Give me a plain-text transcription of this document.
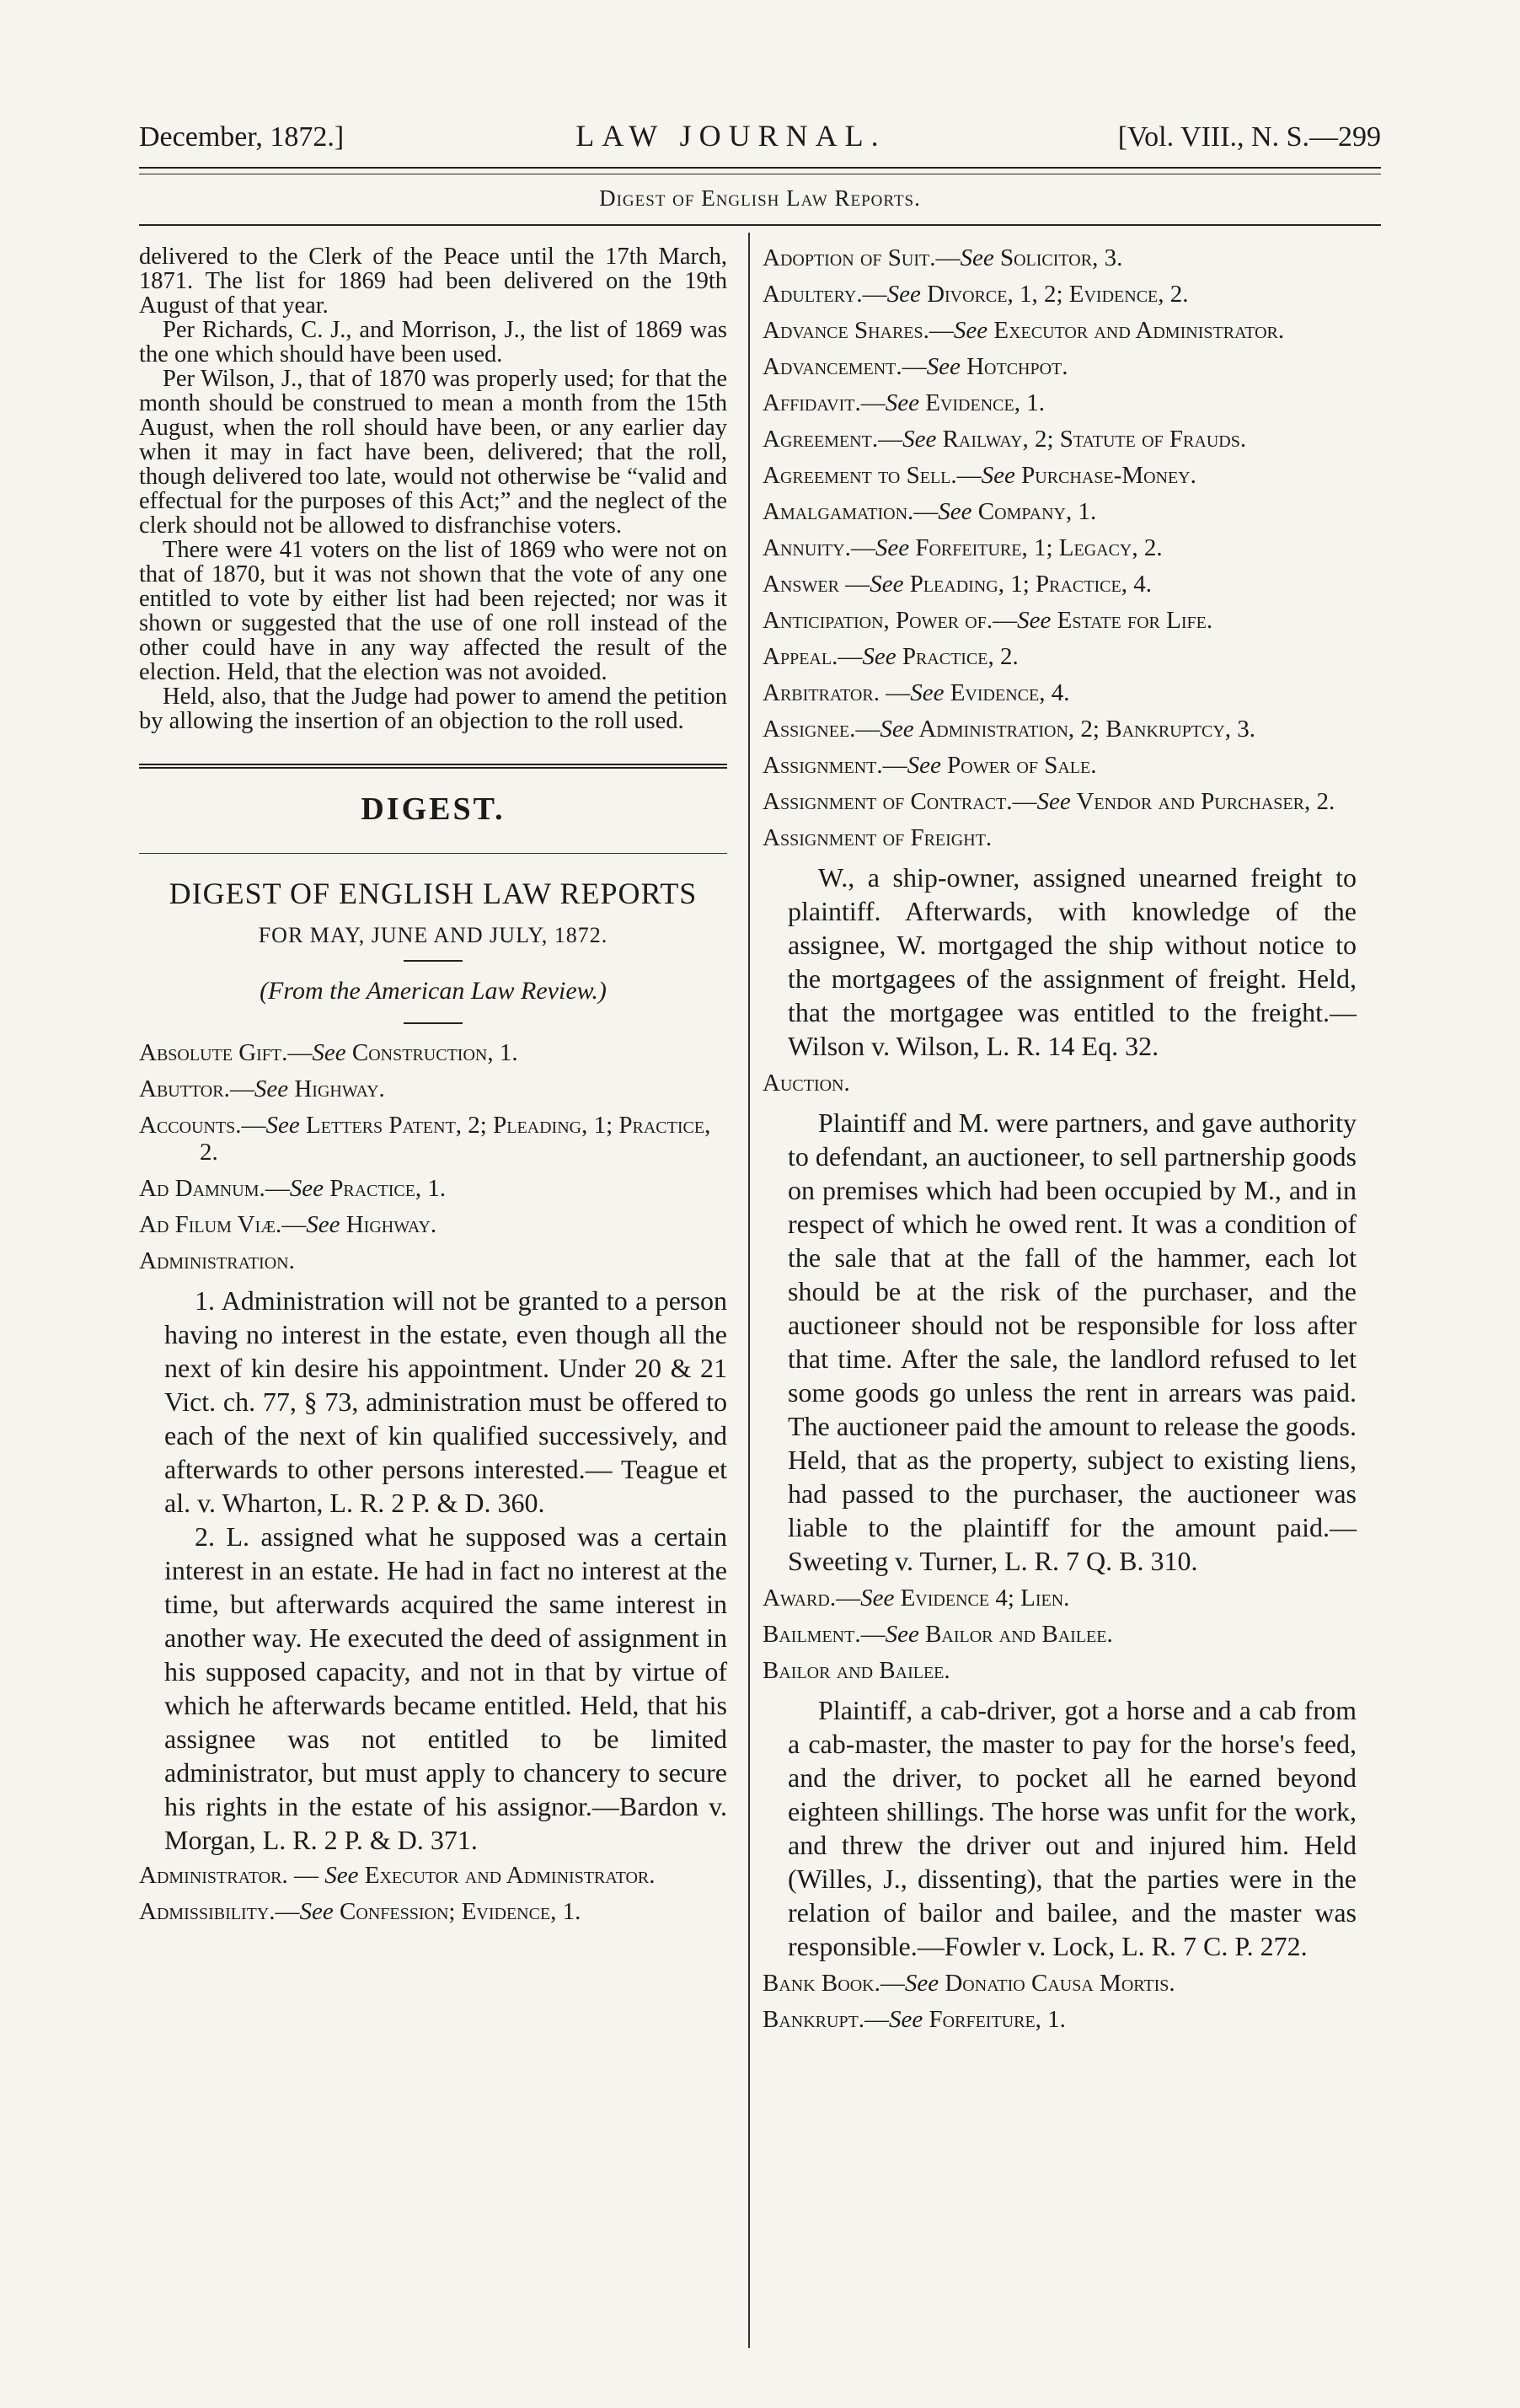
December, 1872.]	LAW JOURNAL.	[Vol. VIII., N. S.—299
Digest of English Law Reports.

delivered to the Clerk of the Peace until the 17th March, 1871. The list for 1869 had been delivered on the 19th August of that year.

Per Richards, C. J., and Morrison, J., the list of 1869 was the one which should have been used.

Per Wilson, J., that of 1870 was properly used; for that the month should be construed to mean a month from the 15th August, when the roll should have been, or any earlier day when it may in fact have been, delivered; that the roll, though delivered too late, would not otherwise be “valid and effectual for the purposes of this Act;” and the neglect of the clerk should not be allowed to disfranchise voters.

There were 41 voters on the list of 1869 who were not on that of 1870, but it was not shown that the vote of any one entitled to vote by either list had been rejected; nor was it shown or suggested that the use of one roll instead of the other could have in any way affected the result of the election. Held, that the election was not avoided.

Held, also, that the Judge had power to amend the petition by allowing the insertion of an objection to the roll used.

DIGEST.
DIGEST OF ENGLISH LAW REPORTS
FOR MAY, JUNE AND JULY, 1872.
(From the American Law Review.)

Absolute Gift.—See Construction, 1.

Abuttor.—See Highway.

Accounts.—See Letters Patent, 2; Pleading, 1; Practice, 2.

Ad Damnum.—See Practice, 1.

Ad Filum Viæ.—See Highway.

Administration.

1. Administration will not be granted to a person having no interest in the estate, even though all the next of kin desire his appointment. Under 20 & 21 Vict. ch. 77, § 73, administration must be offered to each of the next of kin qualified successively, and afterwards to other persons interested.— Teague et al. v. Wharton, L. R. 2 P. & D. 360.

2. L. assigned what he supposed was a certain interest in an estate. He had in fact no interest at the time, but afterwards acquired the same interest in another way. He executed the deed of assignment in his supposed capacity, and not in that by virtue of which he afterwards became entitled. Held, that his assignee was not entitled to be limited administrator, but must apply to chancery to secure his rights in the estate of his assignor.—Bardon v. Morgan, L. R. 2 P. & D. 371.

Administrator. — See Executor and Administrator.

Admissibility.—See Confession; Evidence, 1.

Adoption of Suit.—See Solicitor, 3.

Adultery.—See Divorce, 1, 2; Evidence, 2.

Advance Shares.—See Executor and Administrator.

Advancement.—See Hotchpot.

Affidavit.—See Evidence, 1.

Agreement.—See Railway, 2; Statute of Frauds.

Agreement to Sell.—See Purchase-Money.

Amalgamation.—See Company, 1.

Annuity.—See Forfeiture, 1; Legacy, 2.

Answer —See Pleading, 1; Practice, 4.

Anticipation, Power of.—See Estate for Life.

Appeal.—See Practice, 2.

Arbitrator. —See Evidence, 4.

Assignee.—See Administration, 2; Bankruptcy, 3.

Assignment.—See Power of Sale.

Assignment of Contract.—See Vendor and Purchaser, 2.

Assignment of Freight.

W., a ship-owner, assigned unearned freight to plaintiff. Afterwards, with knowledge of the assignee, W. mortgaged the ship without notice to the mortgagees of the assignment of freight. Held, that the mortgagee was entitled to the freight.— Wilson v. Wilson, L. R. 14 Eq. 32.

Auction.

Plaintiff and M. were partners, and gave authority to defendant, an auctioneer, to sell partnership goods on premises which had been occupied by M., and in respect of which he owed rent. It was a condition of the sale that at the fall of the hammer, each lot should be at the risk of the purchaser, and the auctioneer should not be responsible for loss after that time. After the sale, the landlord refused to let some goods go unless the rent in arrears was paid. The auctioneer paid the amount to release the goods. Held, that as the property, subject to existing liens, had passed to the purchaser, the auctioneer was liable to the plaintiff for the amount paid.—Sweeting v. Turner, L. R. 7 Q. B. 310.

Award.—See Evidence 4; Lien.

Bailment.—See Bailor and Bailee.

Bailor and Bailee.

Plaintiff, a cab-driver, got a horse and a cab from a cab-master, the master to pay for the horse's feed, and the driver, to pocket all he earned beyond eighteen shillings. The horse was unfit for the work, and threw the driver out and injured him. Held (Willes, J., dissenting), that the parties were in the relation of bailor and bailee, and the master was responsible.—Fowler v. Lock, L. R. 7 C. P. 272.

Bank Book.—See Donatio Causa Mortis.

Bankrupt.—See Forfeiture, 1.
